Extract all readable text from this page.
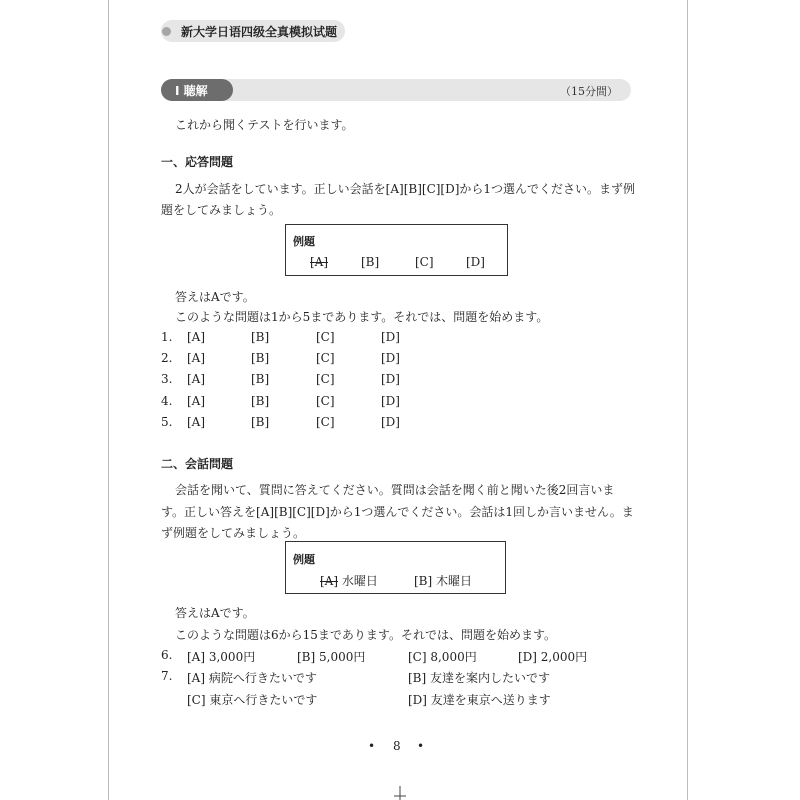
新大学日语四级全真模拟试题
Ⅰ 聴解	（15分間）
これから聞くテストを行います。
一、応答問題
2人が会話をしています。正しい会話を[A][B][C][D]から1つ選んでください。まず例
題をしてみましょう。
例題
[A]	[B]	[C]	[D]
答えはAです。
このような問題は1から5まであります。それでは、問題を始めます。
1. [A]	[B]	[C]	[D]
2. [A]	[B]	[C]	[D]
3. [A]	[B]	[C]	[D]
4. [A]	[B]	[C]	[D]
5. [A]	[B]	[C]	[D]
二、会話問題
会話を聞いて、質問に答えてください。質問は会話を聞く前と聞いた後2回言いま
す。正しい答えを[A][B][C][D]から1つ選んでください。会話は1回しか言いません。ま
ず例題をしてみましょう。
例題
[A] 水曜日	[B] 木曜日
答えはAです。
このような問題は6から15まであります。それでは、問題を始めます。
6. [A] 3,000円	[B] 5,000円	[C] 8,000円	[D] 2,000円
7. [A] 病院へ行きたいです	[B] 友達を案内したいです
[C] 東京へ行きたいです	[D] 友達を東京へ送ります
• 8 •
